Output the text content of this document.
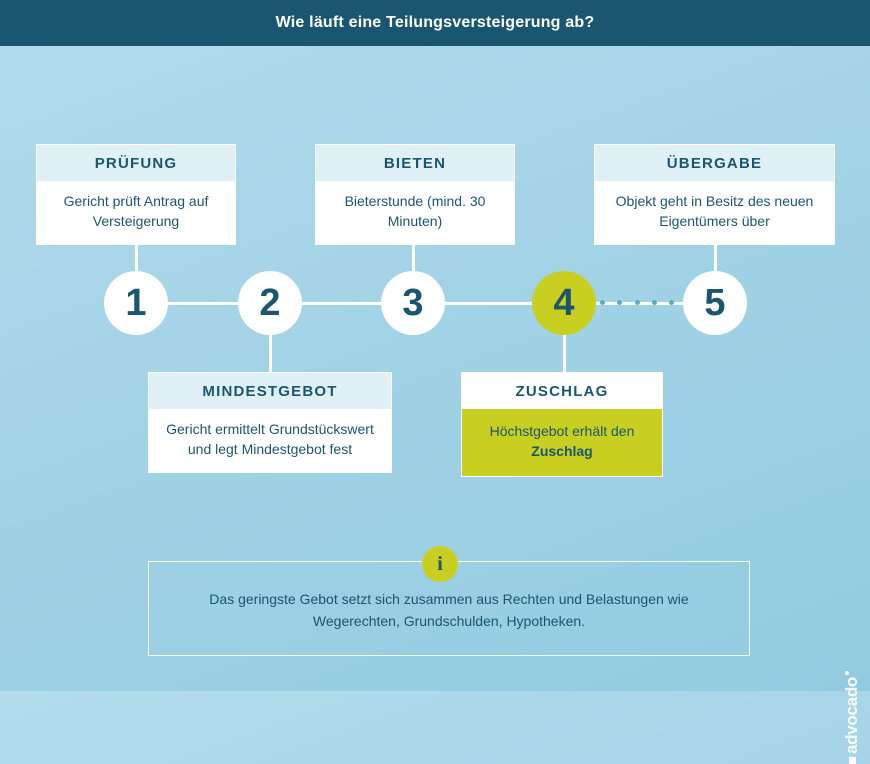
Wie läuft eine Teilungsversteigerung ab?
PRÜFUNG
Gericht prüft Antrag auf Versteigerung
BIETEN
Bieterstunde (mind. 30 Minuten)
ÜBERGABE
Objekt geht in Besitz des neuen Eigentümers über
MINDESTGEBOT
Gericht ermittelt Grundstückswert und legt Mindestgebot fest
ZUSCHLAG
Höchstgebot erhält den Zuschlag
1	2	3	4	5
Das geringste Gebot setzt sich zusammen aus Rechten und Belastungen wie Wegerechten, Grundschulden, Hypotheken.
i
advocado
